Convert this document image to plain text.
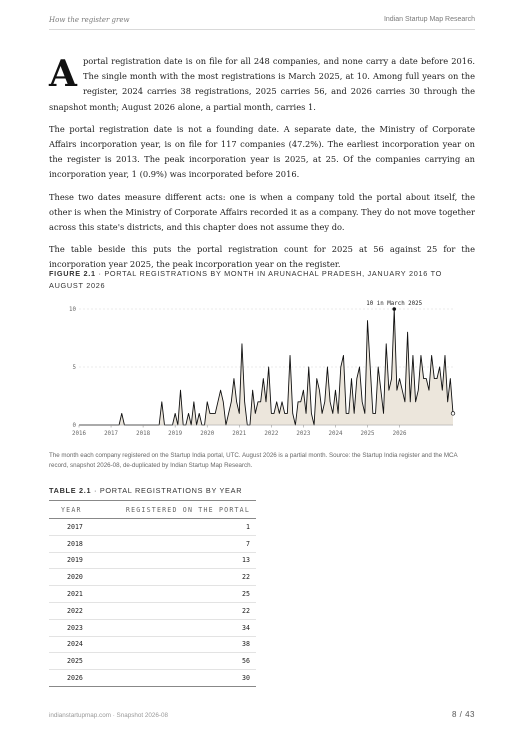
How the register grew	Indian Startup Map Research

Aportal registration date is on file for all 248 companies, and none carry a date before 2016. The single month with the most registrations is March 2025, at 10. Among full years on the register, 2024 carries 38 registrations, 2025 carries 56, and 2026 carries 30 through the snapshot month; August 2026 alone, a partial month, carries 1.

The portal registration date is not a founding date. A separate date, the Ministry of Corporate Affairs incorporation year, is on file for 117 companies (47.2%). The earliest incorporation year on the register is 2013. The peak incorporation year is 2025, at 25. Of the companies carrying an incorporation year, 1 (0.9%) was incorporated before 2016.

These two dates measure different acts: one is when a company told the portal about itself, the other is when the Ministry of Corporate Affairs recorded it as a company. They do not move together across this state's districts, and this chapter does not assume they do.

The table beside this puts the portal registration count for 2025 at 56 against 25 for the incorporation year 2025, the peak incorporation year on the register.

FIGURE 2.1 · PORTAL REGISTRATIONS BY MONTH IN ARUNACHAL PRADESH, JANUARY 2016 TO AUGUST 2026
0
5
10
2016	2017	2018	2019	2020	2021	2022	2023	2024	2025	2026
10 in March 2025
The month each company registered on the Startup India portal, UTC. August 2026 is a partial month. Source: the Startup India register and the MCA record, snapshot 2026-08, de-duplicated by Indian Startup Map Research.
TABLE 2.1 · PORTAL REGISTRATIONS BY YEAR
YEAR	REGISTERED ON THE PORTAL
2017	1
2018	7
2019	13
2020	22
2021	25
2022	22
2023	34
2024	38
2025	56
2026	30
indianstartupmap.com · Snapshot 2026-08	8 / 43
